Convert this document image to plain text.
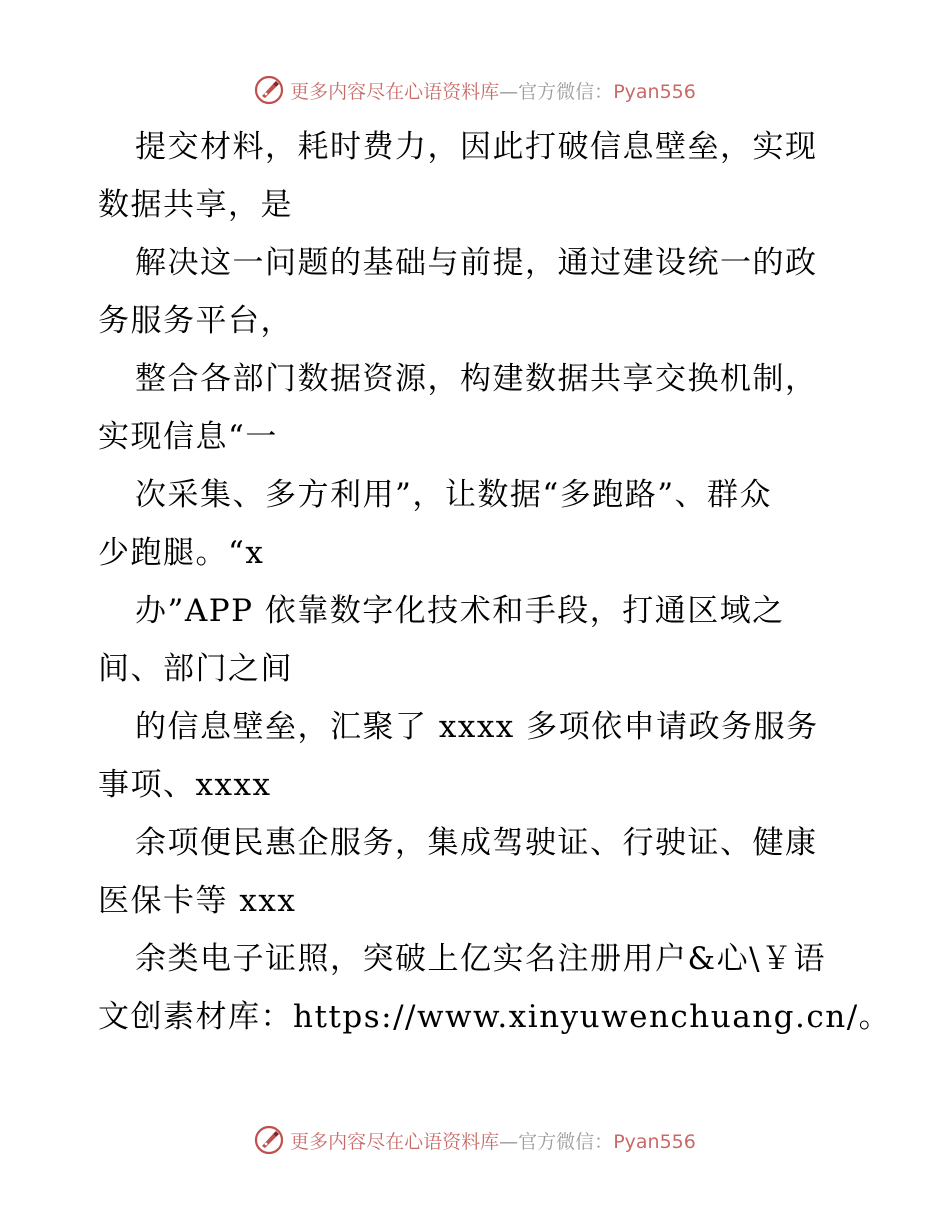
更多内容尽在心语资料库—官方微信：Pyan556
提交材料，耗时费力，因此打破信息壁垒，实现
数据共享，是
解决这一问题的基础与前提，通过建设统一的政
务服务平台，
整合各部门数据资源，构建数据共享交换机制，
实现信息“一
次采集、多方利用”，让数据“多跑路”、群众
少跑腿。“x
办”APP 依靠数字化技术和手段，打通区域之
间、部门之间
的信息壁垒，汇聚了 xxxx 多项依申请政务服务
事项、xxxx
余项便民惠企服务，集成驾驶证、行驶证、健康
医保卡等 xxx
余类电子证照，突破上亿实名注册用户&心\￥语
文创素材库：https://www.xinyuwenchuang.cn/。
更多内容尽在心语资料库—官方微信：Pyan556
